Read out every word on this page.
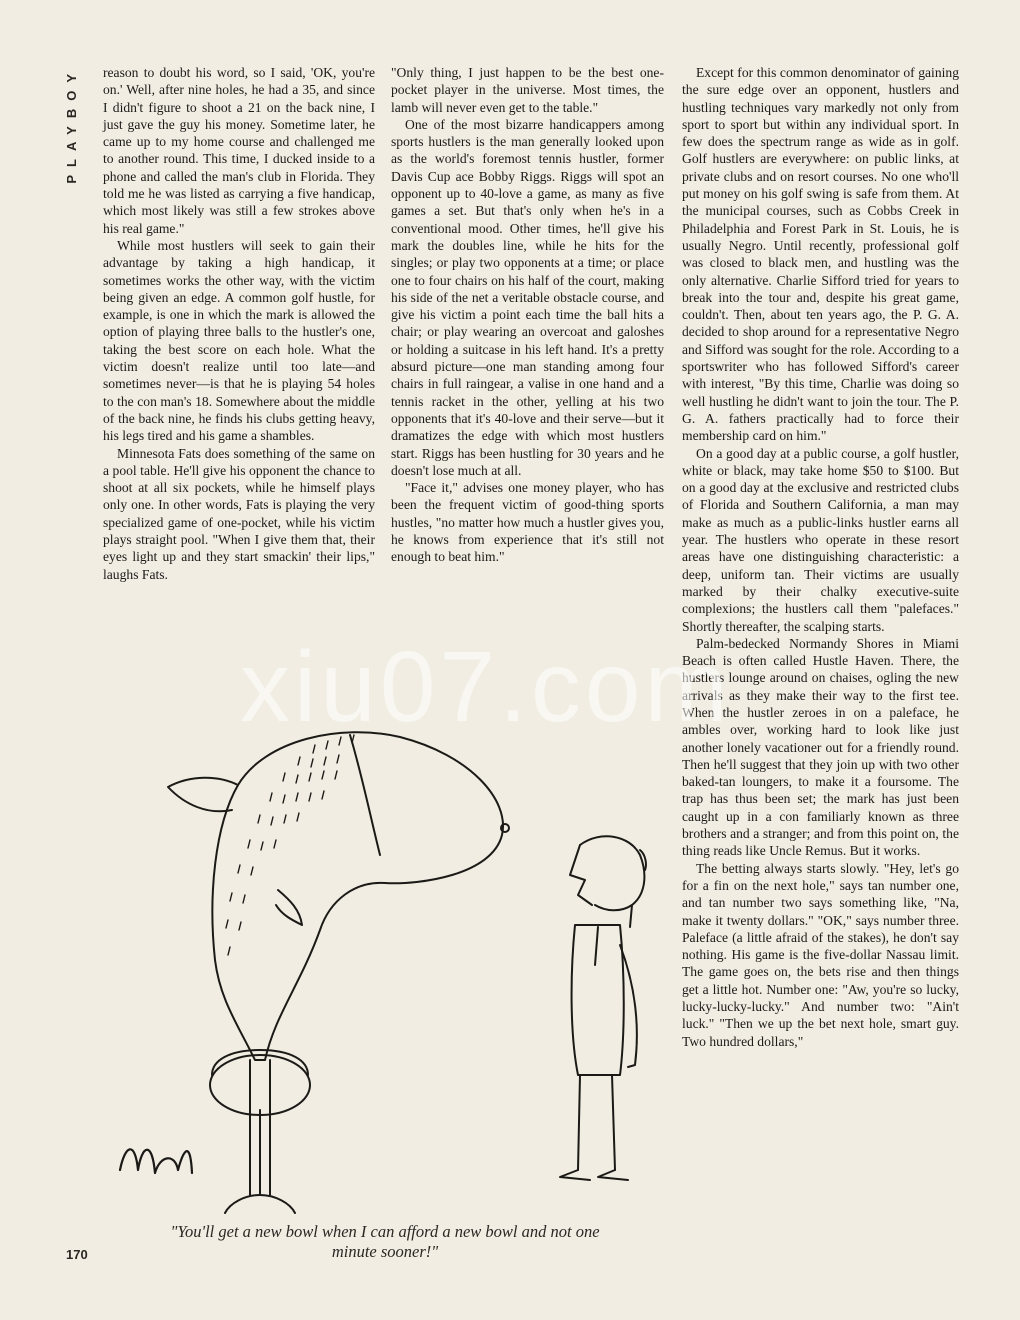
PLAYBOY reason to doubt his word, so I said, 'OK, you're on.' Well, after nine holes, he had a 35, and since I didn't figure to shoot a 21 on the back nine, I just gave the guy his money. Sometime later, he came up to my home course and challenged me to another round. This time, I ducked inside to a phone and called the man's club in Florida. They told me he was listed as carrying a five handicap, which most likely was still a few strokes above his real game."

While most hustlers will seek to gain their advantage by taking a high handicap, it sometimes works the other way, with the victim being given an edge. A common golf hustle, for example, is one in which the mark is allowed the option of playing three balls to the hustler's one, taking the best score on each hole. What the victim doesn't realize until too late—and sometimes never—is that he is playing 54 holes to the con man's 18. Somewhere about the middle of the back nine, he finds his clubs getting heavy, his legs tired and his game a shambles.

Minnesota Fats does something of the same on a pool table. He'll give his opponent the chance to shoot at all six pockets, while he himself plays only one. In other words, Fats is playing the very specialized game of one-pocket, while his victim plays straight pool. "When I give them that, their eyes light up and they start smackin' their lips," laughs Fats.

"Only thing, I just happen to be the best one-pocket player in the universe. Most times, the lamb will never even get to the table."

One of the most bizarre handicappers among sports hustlers is the man generally looked upon as the world's foremost tennis hustler, former Davis Cup ace Bobby Riggs. Riggs will spot an opponent up to 40-love a game, as many as five games a set. But that's only when he's in a conventional mood. Other times, he'll give his mark the doubles line, while he hits for the singles; or play two opponents at a time; or place one to four chairs on his half of the court, making his side of the net a veritable obstacle course, and give his victim a point each time the ball hits a chair; or play wearing an overcoat and galoshes or holding a suitcase in his left hand. It's a pretty absurd picture—one man standing among four chairs in full raingear, a valise in one hand and a tennis racket in the other, yelling at his two opponents that it's 40-love and their serve—but it dramatizes the edge with which most hustlers start. Riggs has been hustling for 30 years and he doesn't lose much at all.

"Face it," advises one money player, who has been the frequent victim of good-thing sports hustles, "no matter how much a hustler gives you, he knows from experience that it's still not enough to beat him."

Except for this common denominator of gaining the sure edge over an opponent, hustlers and hustling techniques vary markedly not only from sport to sport but within any individual sport. In few does the spectrum range as wide as in golf. Golf hustlers are everywhere: on public links, at private clubs and on resort courses. No one who'll put money on his golf swing is safe from them. At the municipal courses, such as Cobbs Creek in Philadelphia and Forest Park in St. Louis, he is usually Negro. Until recently, professional golf was closed to black men, and hustling was the only alternative. Charlie Sifford tried for years to break into the tour and, despite his great game, couldn't. Then, about ten years ago, the P. G. A. decided to shop around for a representative Negro and Sifford was sought for the role. According to a sportswriter who has followed Sifford's career with interest, "By this time, Charlie was doing so well hustling he didn't want to join the tour. The P. G. A. fathers practically had to force their membership card on him."

On a good day at a public course, a golf hustler, white or black, may take home $50 to $100. But on a good day at the exclusive and restricted clubs of Florida and Southern California, a man may make as much as a public-links hustler earns all year. The hustlers who operate in these resort areas have one distinguishing characteristic: a deep, uniform tan. Their victims are usually marked by their chalky executive-suite complexions; the hustlers call them "palefaces." Shortly thereafter, the scalping starts.

Palm-bedecked Normandy Shores in Miami Beach is often called Hustle Haven. There, the hustlers lounge around on chaises, ogling the new arrivals as they make their way to the first tee. When the hustler zeroes in on a paleface, he ambles over, working hard to look like just another lonely vacationer out for a friendly round. Then he'll suggest that they join up with two other baked-tan loungers, to make it a foursome. The trap has thus been set; the mark has just been caught up in a con familiarly known as three brothers and a stranger; and from this point on, the thing reads like Uncle Remus. But it works.

The betting always starts slowly. "Hey, let's go for a fin on the next hole," says tan number one, and tan number two says something like, "Na, make it twenty dollars." "OK," says number three. Paleface (a little afraid of the stakes), he don't say nothing. His game is the five-dollar Nassau limit. The game goes on, the bets rise and then things get a little hot. Number one: "Aw, you're so lucky, lucky-lucky-lucky." And number two: "Ain't luck." "Then we up the bet next hole, smart guy. Two hundred dollars,"

Mal
"You'll get a new bowl when I can afford a new bowl and not one minute sooner!"
170
xiu07.com
